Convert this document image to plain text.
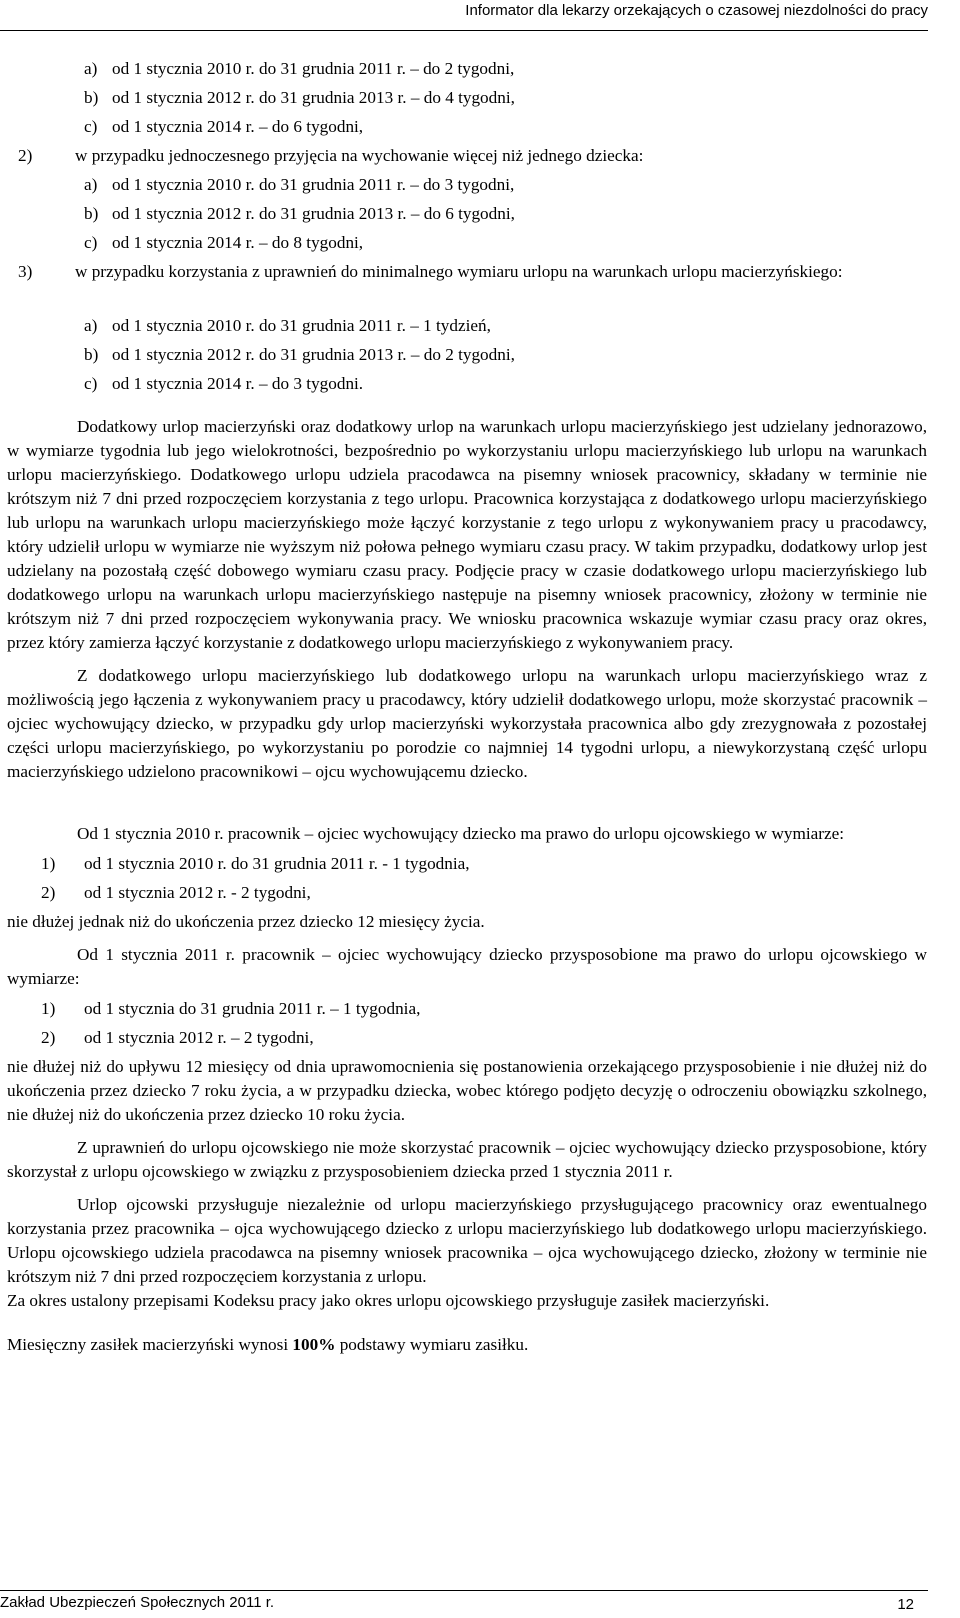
Informator dla lekarzy orzekających o czasowej niezdolności do pracy
a) od 1 stycznia 2010 r. do 31 grudnia 2011 r. – do 2 tygodni,
b) od 1 stycznia 2012 r. do 31 grudnia 2013 r. – do 4 tygodni,
c) od 1 stycznia 2014 r. – do 6 tygodni,
2) w przypadku jednoczesnego przyjęcia na wychowanie więcej niż jednego dziecka:
a) od 1 stycznia 2010 r. do 31 grudnia 2011 r. – do 3 tygodni,
b) od 1 stycznia 2012 r. do 31 grudnia 2013 r. – do 6 tygodni,
c) od 1 stycznia 2014 r. – do 8 tygodni,
3) w przypadku korzystania z uprawnień do minimalnego wymiaru urlopu na warunkach urlopu macierzyńskiego:
a) od 1 stycznia 2010 r. do 31 grudnia 2011 r. – 1 tydzień,
b) od 1 stycznia 2012 r. do 31 grudnia 2013 r. – do 2 tygodni,
c) od 1 stycznia 2014 r. – do 3 tygodni.

Dodatkowy urlop macierzyński oraz dodatkowy urlop na warunkach urlopu macierzyńskiego jest udzielany jednorazowo, w wymiarze tygodnia lub jego wielokrotności, bezpośrednio po wykorzystaniu urlopu macierzyńskiego lub urlopu na warunkach urlopu macierzyńskiego. Dodatkowego urlopu udziela pracodawca na pisemny wniosek pracownicy, składany w terminie nie krótszym niż 7 dni przed rozpoczęciem korzystania z tego urlopu. Pracownica korzystająca z dodatkowego urlopu macierzyńskiego lub urlopu na warunkach urlopu macierzyńskiego może łączyć korzystanie z tego urlopu z wykonywaniem pracy u pracodawcy, który udzielił urlopu w wymiarze nie wyższym niż połowa pełnego wymiaru czasu pracy. W takim przypadku, dodatkowy urlop jest udzielany na pozostałą część dobowego wymiaru czasu pracy. Podjęcie pracy w czasie dodatkowego urlopu macierzyńskiego lub dodatkowego urlopu na warunkach urlopu macierzyńskiego następuje na pisemny wniosek pracownicy, złożony w terminie nie krótszym niż 7 dni przed rozpoczęciem wykonywania pracy. We wniosku pracownica wskazuje wymiar czasu pracy oraz okres, przez który zamierza łączyć korzystanie z dodatkowego urlopu macierzyńskiego z wykonywaniem pracy.

Z dodatkowego urlopu macierzyńskiego lub dodatkowego urlopu na warunkach urlopu macierzyńskiego wraz z możliwością jego łączenia z wykonywaniem pracy u pracodawcy, który udzielił dodatkowego urlopu, może skorzystać pracownik – ojciec wychowujący dziecko, w przypadku gdy urlop macierzyński wykorzystała pracownica albo gdy zrezygnowała z pozostałej części urlopu macierzyńskiego, po wykorzystaniu po porodzie co najmniej 14 tygodni urlopu, a niewykorzystaną część urlopu macierzyńskiego udzielono pracownikowi – ojcu wychowującemu dziecko.

Od 1 stycznia 2010 r. pracownik – ojciec wychowujący dziecko ma prawo do urlopu ojcowskiego w wymiarze:

1) od 1 stycznia 2010 r. do 31 grudnia 2011 r. - 1 tygodnia,
2) od 1 stycznia 2012 r. - 2 tygodni,

nie dłużej jednak niż do ukończenia przez dziecko 12 miesięcy życia.

Od 1 stycznia 2011 r. pracownik – ojciec wychowujący dziecko przysposobione ma prawo do urlopu ojcowskiego w wymiarze:

1) od 1 stycznia do 31 grudnia 2011 r. – 1 tygodnia,
2) od 1 stycznia 2012 r. – 2 tygodni,

nie dłużej niż do upływu 12 miesięcy od dnia uprawomocnienia się postanowienia orzekającego przysposobienie i nie dłużej niż do ukończenia przez dziecko 7 roku życia, a w przypadku dziecka, wobec którego podjęto decyzję o odroczeniu obowiązku szkolnego, nie dłużej niż do ukończenia przez dziecko 10 roku życia.

Z uprawnień do urlopu ojcowskiego nie może skorzystać pracownik – ojciec wychowujący dziecko przysposobione, który skorzystał z urlopu ojcowskiego w związku z przysposobieniem dziecka przed 1 stycznia 2011 r.

Urlop ojcowski przysługuje niezależnie od urlopu macierzyńskiego przysługującego pracownicy oraz ewentualnego korzystania przez pracownika – ojca wychowującego dziecko z urlopu macierzyńskiego lub dodatkowego urlopu macierzyńskiego. Urlopu ojcowskiego udziela pracodawca na pisemny wniosek pracownika – ojca wychowującego dziecko, złożony w terminie nie krótszym niż 7 dni przed rozpoczęciem korzystania z urlopu.

Za okres ustalony przepisami Kodeksu pracy jako okres urlopu ojcowskiego przysługuje zasiłek macierzyński.

Miesięczny zasiłek macierzyński wynosi 100% podstawy wymiaru zasiłku.

Zakład Ubezpieczeń Społecznych 2011 r.	12
